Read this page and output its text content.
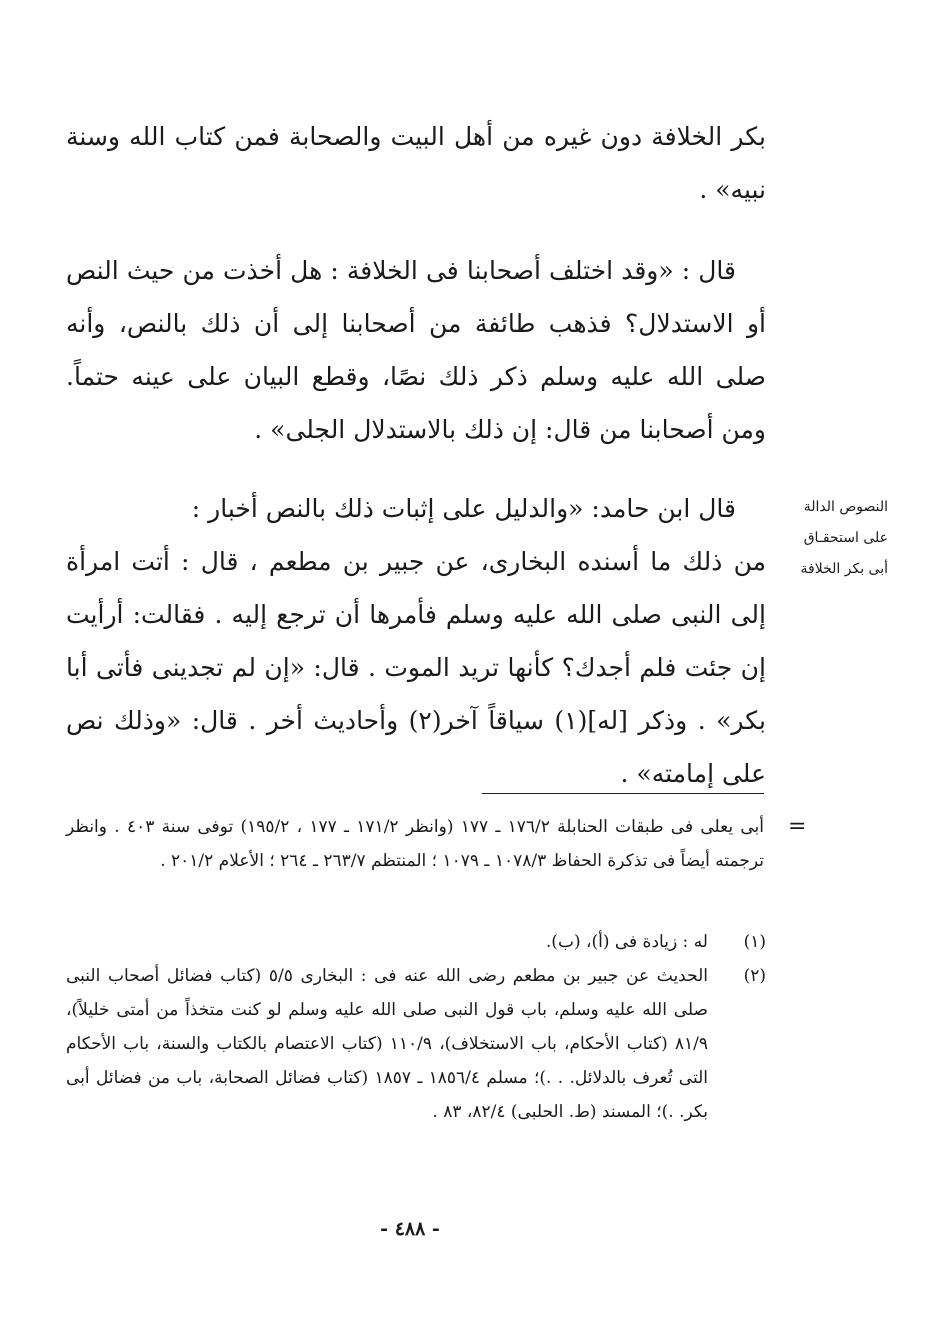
بكر الخلافة دون غيره من أهل البيت والصحابة فمن كتاب الله وسنة نبيه» .

قال : «وقد اختلف أصحابنا فى الخلافة : هل أخذت من حيث النص أو الاستدلال؟ فذهب طائفة من أصحابنا إلى أن ذلك بالنص، وأنه صلى الله عليه وسلم ذكر ذلك نصًا، وقطع البيان على عينه حتماً. ومن أصحابنا من قال: إن ذلك بالاستدلال الجلى» .

قال ابن حامد: «والدليل على إثبات ذلك بالنص أخبار :

من ذلك ما أسنده البخارى، عن جبير بن مطعم ، قال : أتت امرأة إلى النبى صلى الله عليه وسلم فأمرها أن ترجع إليه . فقالت: أرأيت إن جئت فلم أجدك؟ كأنها تريد الموت . قال: «إن لم تجدينى فأتى أبا بكر» . وذكر [له](١) سياقاً آخر(٢) وأحاديث أخر . قال: «وذلك نص على إمامته» .

النصوص الدالة
على استحقـاق
أبى بكر الخلافة
=
أبى يعلى فى طبقات الحنابلة ١٧٦/٢ ـ ١٧٧ (وانظر ١٧١/٢ ـ ١٧٧ ، ١٩٥/٢) توفى سنة ٤٠٣ . وانظر ترجمته أيضاً فى تذكرة الحفاظ ١٠٧٨/٣ ـ ١٠٧٩ ؛ المنتظم ٢٦٣/٧ ـ ٢٦٤ ؛ الأعلام ٢٠١/٢ .
(١)
له : زيادة فى (أ)، (ب).
(٢)
الحديث عن جبير بن مطعم رضى الله عنه فى : البخارى ٥/٥ (كتاب فضائل أصحاب النبى صلى الله عليه وسلم، باب قول النبى صلى الله عليه وسلم لو كنت متخذاً من أمتى خليلاً)، ٨١/٩ (كتاب الأحكام، باب الاستخلاف)، ١١٠/٩ (كتاب الاعتصام بالكتاب والسنة، باب الأحكام التى تُعرف بالدلائل. . .)؛ مسلم ١٨٥٦/٤ ـ ١٨٥٧ (كتاب فضائل الصحابة، باب من فضائل أبى بكر. .)؛ المسند (ط. الحلبى) ٨٢/٤، ٨٣ .
- ٤٨٨ -
